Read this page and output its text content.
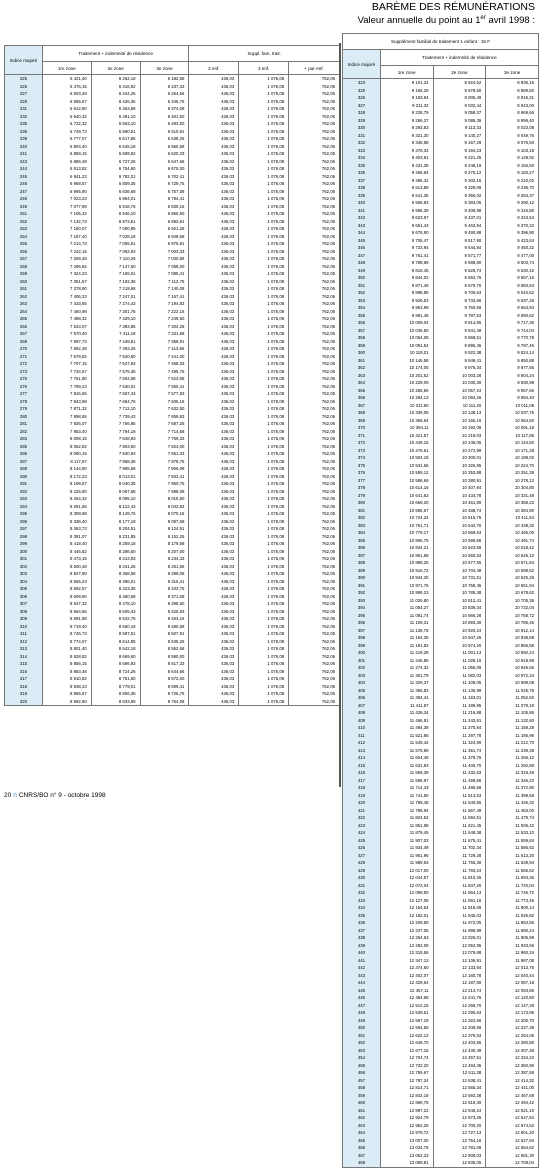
BARÈME DES RÉMUNÉRATIONS
Valeur annuelle du point au 1er avril 1998 :
Indice majoré	Traitement + indemnité de résidence			Suppl. fam. trait.		
	1re zone	2e zone	3e zone	2 enf.	3 enf.	+ par enf.
225	6 421,40	6 262,18	6 182,58	436,03	1 076,08	762,06
226	6 476,15	6 316,92	6 237,33	436,03	1 076,08	762,06
227	6 503,48	6 344,26	6 264,66	436,03	1 076,08	762,06
228	6 585,57	6 426,35	6 346,75	436,03	1 076,08	762,06
231	6 612,90	6 453,68	6 374,08	436,03	1 076,08	762,06
232	6 640,32	6 481,10	6 401,50	436,03	1 076,08	762,06
235	6 722,32	6 563,10	6 483,50	436,03	1 076,08	762,06
236	6 749,73	6 590,51	6 510,91	436,03	1 076,08	762,06
239	6 777,07	6 617,85	6 538,25	436,03	1 076,08	762,06
240	6 804,40	6 645,18	6 565,58	436,03	1 076,08	762,06
241	6 859,15	6 699,92	6 620,33	436,03	1 076,08	762,06
243	6 886,48	6 727,26	6 647,66	436,03	1 076,08	762,06
244	6 913,82	6 754,60	6 675,00	436,03	1 076,08	762,06
245	6 941,23	6 782,01	6 702,41	436,03	1 076,08	762,06
246	6 968,57	6 809,35	6 729,75	436,03	1 076,08	762,06
247	6 995,90	6 836,68	6 757,08	436,03	1 076,08	762,06
248	7 023,23	6 864,01	6 784,41	436,03	1 076,08	762,06
249	7 077,99	6 918,76	6 839,16	436,03	1 076,08	762,06
251	7 105,32	6 946,10	6 866,50	436,03	1 076,08	762,06
252	7 132,73	6 973,51	6 893,91	436,03	1 076,08	762,06
253	7 160,07	7 000,85	6 921,25	436,03	1 076,08	762,06
254	7 187,40	7 028,18	6 948,58	436,03	1 076,08	762,06
255	7 214,73	7 055,51	6 975,91	436,03	1 076,08	762,06
256	7 242,15	7 082,93	7 003,33	436,03	1 076,08	762,06
257	7 269,48	7 110,26	7 030,66	436,03	1 076,08	762,06
258	7 296,82	7 137,60	7 058,00	436,03	1 076,08	762,06
259	7 324,23	7 165,01	7 085,41	436,03	1 076,08	762,06
260	7 351,57	7 192,35	7 112,75	436,03	1 076,08	762,06
261	7 378,90	7 219,68	7 140,08	436,03	1 076,08	762,06
262	7 406,23	7 247,01	7 167,41	436,03	1 076,08	762,06
263	7 433,65	7 274,43	7 194,83	436,03	1 076,08	762,06
264	7 460,98	7 301,76	7 222,16	436,03	1 076,08	762,06
265	7 488,32	7 329,10	7 249,50	436,03	1 076,08	762,06
266	7 543,07	7 383,85	7 304,25	436,03	1 076,08	762,06
267	7 570,40	7 411,18	7 331,58	436,03	1 076,08	762,06
269	7 597,73	7 438,51	7 358,91	436,03	1 076,08	762,06
270	7 652,48	7 493,26	7 413,66	436,03	1 076,08	762,06
271	7 679,82	7 520,60	7 441,00	436,03	1 076,08	762,06
272	7 707,15	7 547,93	7 468,33	436,03	1 076,08	762,06
273	7 734,57	7 575,35	7 495,75	436,03	1 076,08	762,06
275	7 761,90	7 602,68	7 523,08	436,03	1 076,08	762,06
276	7 789,23	7 630,01	7 550,41	436,03	1 076,08	762,06
277	7 816,65	7 657,43	7 577,83	436,03	1 076,08	762,06
278	7 843,98	7 684,76	7 605,16	436,03	1 076,08	762,06
279	7 871,32	7 712,10	7 632,50	436,03	1 076,08	762,06
280	7 898,65	7 739,43	7 659,83	436,03	1 076,08	762,06
281	7 926,07	7 766,85	7 687,25	436,03	1 076,08	762,06
282	7 953,40	7 794,18	7 714,58	436,03	1 076,08	762,06
283	8 008,15	7 848,93	7 769,33	436,03	1 076,08	762,06
285	8 062,82	7 903,60	7 824,00	436,03	1 076,08	762,06
286	8 090,15	7 930,93	7 851,33	436,03	1 076,08	762,06
287	8 117,57	7 958,35	7 878,75	436,03	1 076,08	762,06
288	8 144,90	7 985,68	7 906,08	436,03	1 076,08	762,06
290	8 172,23	8 013,01	7 933,41	436,03	1 076,08	762,06
291	8 199,57	8 040,35	7 960,75	436,03	1 076,08	762,06
292	8 226,90	8 067,68	7 988,08	436,03	1 076,08	762,06
293	8 254,32	8 095,10	8 015,50	436,03	1 076,08	762,06
294	8 281,65	8 122,43	8 042,83	436,03	1 076,08	762,06
295	8 308,98	8 149,76	8 070,16	436,03	1 076,08	762,06
296	8 336,40	8 177,18	8 097,58	436,03	1 076,08	762,06
297	8 363,73	8 204,51	8 124,91	436,03	1 076,08	762,06
298	8 391,07	8 231,85	8 152,25	436,03	1 076,08	762,06
299	8 418,40	8 259,18	8 179,58	436,03	1 076,08	762,06
300	8 445,82	8 286,60	8 207,00	436,03	1 076,08	762,06
301	8 473,15	8 313,93	8 234,33	436,03	1 076,08	762,06
302	8 500,48	8 341,26	8 261,66	436,03	1 076,08	762,06
303	8 527,90	8 368,68	8 289,08	436,03	1 076,08	762,06
304	8 555,23	8 396,01	8 316,41	436,03	1 076,08	762,06
305	8 582,57	8 423,35	8 343,75	436,03	1 076,08	762,06
306	8 609,90	8 450,68	8 371,08	436,03	1 076,08	762,06
307	8 637,32	8 478,10	8 398,50	436,03	1 076,08	762,06
308	8 664,65	8 505,43	8 425,83	436,03	1 076,08	762,06
309	8 691,98	8 532,76	8 453,16	436,03	1 076,08	762,06
310	8 719,40	8 560,18	8 480,58	436,03	1 076,08	762,06
311	8 746,73	8 587,51	8 507,91	436,03	1 076,08	762,06
312	8 774,07	8 614,85	8 535,25	436,03	1 076,08	762,06
313	8 801,40	8 642,18	8 562,58	436,03	1 076,08	762,06
314	8 828,82	8 669,60	8 590,00	436,03	1 076,08	762,06
315	8 856,15	8 696,93	8 617,33	436,03	1 076,08	762,06
316	8 883,48	8 724,26	8 644,66	436,03	1 076,08	762,06
317	8 910,82	8 751,60	8 672,00	436,03	1 076,08	762,06
318	8 938,23	8 779,01	8 699,41	436,03	1 076,08	762,06
319	8 965,57	8 806,35	8 726,75	436,03	1 076,08	762,06
320	8 992,90	8 833,68	8 754,08	436,03	1 076,08	762,06
Supplément familial de traitement 1 enfant : 15 F			
Indice majoré	Traitement + indemnité de résidence		
	1re zone	2e zone	3e zone
323	9 101,24	8 924,52	8 836,16
325	9 156,29	8 978,50	8 889,60
326	9 183,84	9 005,49	8 916,31
327	9 211,32	9 032,44	8 943,00
328	9 238,79	9 059,37	8 969,66
329	9 266,37	9 086,39	8 996,40
330	9 293,83	9 113,33	9 023,08
331	9 321,30	9 140,27	9 049,76
332	9 348,88	9 167,29	9 076,50
333	9 376,34	9 194,23	9 103,18
334	9 403,91	9 221,25	9 129,92
335	9 431,38	9 248,19	9 156,60
336	9 458,84	9 275,12	9 183,27
337	9 486,42	9 302,15	9 210,02
338	9 513,89	9 329,09	9 236,70
339	9 541,35	9 356,02	9 263,37
340	9 568,93	9 383,05	9 290,12
341	9 596,39	9 409,98	9 316,80
342	9 623,97	9 437,01	9 343,54
343	9 651,43	9 463,94	9 370,22
344	9 678,90	9 490,88	9 396,90
345	9 706,47	9 517,90	9 423,64
346	9 733,94	9 544,84	9 450,32
347	9 761,41	9 571,77	9 477,00
348	9 788,98	9 598,80	9 503,74
349	9 816,45	9 625,74	9 530,42
350	9 844,02	9 652,76	9 557,16
351	9 871,49	9 679,70	9 583,84
352	9 898,95	9 706,63	9 610,52
353	9 926,53	9 733,66	9 637,26
354	9 953,99	9 760,59	9 663,94
355	9 981,46	9 787,53	9 690,62
356	10 009,04	9 814,55	9 717,36
357	10 036,50	9 841,49	9 744,04
358	10 064,08	9 868,51	9 770,78
359	10 091,54	9 895,45	9 797,46
360	10 119,01	9 922,38	9 824,14
361	10 146,58	9 949,41	9 850,88
362	10 174,05	9 976,34	9 877,56
363	10 201,52	10 003,28	9 904,24
364	10 229,09	10 030,30	9 930,98
365	10 256,56	10 057,24	9 957,66
366	10 284,13	10 084,26	9 984,40
367	10 311,60	10 111,20	10 011,08
368	10 339,06	10 138,13	10 037,76
369	10 366,64	10 165,16	10 064,50
370	10 394,11	10 192,09	10 091,18
371	10 421,57	10 219,03	10 117,86
372	10 449,15	10 246,05	10 144,60
373	10 476,61	10 272,99	10 171,28
374	10 504,19	10 300,01	10 198,02
375	10 531,65	10 326,95	10 224,70
376	10 559,12	10 353,88	10 251,38
377	10 586,69	10 380,91	10 278,12
378	10 614,16	10 407,84	10 304,80
379	10 641,63	10 434,78	10 331,48
380	10 669,20	10 461,80	10 358,22
381	10 696,67	10 488,74	10 384,90
382	10 724,24	10 515,76	10 411,64
383	10 751,71	10 542,70	10 438,32
384	10 779,17	10 569,63	10 465,00
385	10 806,75	10 596,66	10 491,74
386	10 834,21	10 623,59	10 518,42
387	10 861,68	10 650,53	10 545,10
388	10 889,26	10 677,55	10 571,84
389	10 916,72	10 704,49	10 598,52
390	10 944,30	10 731,51	10 625,26
391	10 971,76	10 758,45	10 651,94
392	10 999,23	10 785,38	10 678,62
393	11 026,80	10 812,41	10 705,36
394	11 054,27	10 839,34	10 732,04
395	11 081,74	10 866,28	10 758,72
396	11 109,31	10 893,30	10 785,46
397	11 136,78	10 920,24	10 812,14
398	11 164,35	10 947,26	10 838,88
399	11 191,82	10 974,20	10 865,56
400	11 219,28	11 001,13	10 892,24
401	11 246,86	11 028,16	10 918,98
402	11 274,32	11 055,09	10 945,66
403	11 301,79	11 082,03	10 972,34
404	11 329,37	11 109,05	10 999,08
405	11 356,83	11 135,99	11 025,76
406	11 384,41	11 163,01	11 052,50
407	11 411,87	11 189,95	11 079,18
408	11 439,34	11 216,88	11 105,86
409	11 466,91	11 243,91	11 132,60
410	11 494,38	11 270,84	11 159,28
411	11 521,85	11 297,78	11 185,96
412	11 549,42	11 324,80	11 212,70
413	11 576,89	11 351,74	11 239,38
414	11 604,46	11 378,76	11 266,12
415	11 631,93	11 405,70	11 292,80
416	11 659,39	11 432,63	11 319,48
417	11 686,97	11 459,66	11 346,22
418	11 714,43	11 486,59	11 372,90
419	11 741,90	11 513,53	11 399,58
420	11 769,48	11 540,55	11 426,32
421	11 796,94	11 567,49	11 453,00
422	11 824,52	11 594,51	11 479,74
423	11 851,98	11 621,45	11 506,42
424	11 879,45	11 648,38	11 533,10
425	11 907,02	11 675,41	11 559,84
426	11 934,49	11 702,34	11 586,52
427	11 961,96	11 729,28	11 613,20
428	11 989,53	11 756,30	11 639,94
429	12 017,00	11 783,24	11 666,62
430	12 044,57	11 810,26	11 693,36
431	12 072,04	11 837,20	11 720,04
432	12 099,50	11 864,13	11 746,72
433	12 127,08	11 891,16	11 773,46
434	12 154,54	11 918,09	11 800,14
435	12 182,01	11 945,03	11 826,82
436	12 209,59	11 972,05	11 853,56
437	12 237,05	11 998,99	11 880,24
438	12 264,63	12 026,01	11 906,98
439	12 292,09	12 052,95	11 933,66
440	12 319,56	12 079,88	11 960,34
441	12 347,13	12 106,91	11 987,08
442	12 374,60	12 133,84	12 013,76
443	12 402,07	12 160,78	12 040,44
444	12 429,64	12 187,80	12 067,18
445	12 457,11	12 214,74	12 093,86
446	12 484,68	12 241,76	12 120,60
447	12 512,15	12 268,70	12 147,28
448	12 539,61	12 295,63	12 173,96
449	12 567,19	12 322,66	12 200,70
450	12 594,65	12 349,59	12 227,38
451	12 622,12	12 376,53	12 254,06
452	12 649,70	12 403,55	12 280,80
453	12 677,16	12 430,49	12 307,48
454	12 704,74	12 457,51	12 334,22
455	12 732,20	12 484,45	12 360,90
456	12 759,67	12 511,38	12 387,58
457	12 787,24	12 538,41	12 414,32
458	12 814,71	12 565,34	12 441,00
459	12 842,18	12 592,28	12 467,68
460	12 869,75	12 619,30	12 494,42
461	12 897,22	12 646,24	12 521,10
462	12 924,79	12 673,26	12 547,84
463	12 952,26	12 700,20	12 574,52
464	12 979,72	12 727,13	12 601,20
465	13 007,30	12 754,16	12 627,94
466	13 034,76	12 781,09	12 654,62
467	13 062,23	12 808,03	12 681,30
468	13 089,81	12 835,05	12 708,04
20 n CNRS/BO n° 9 - octobre 1998
